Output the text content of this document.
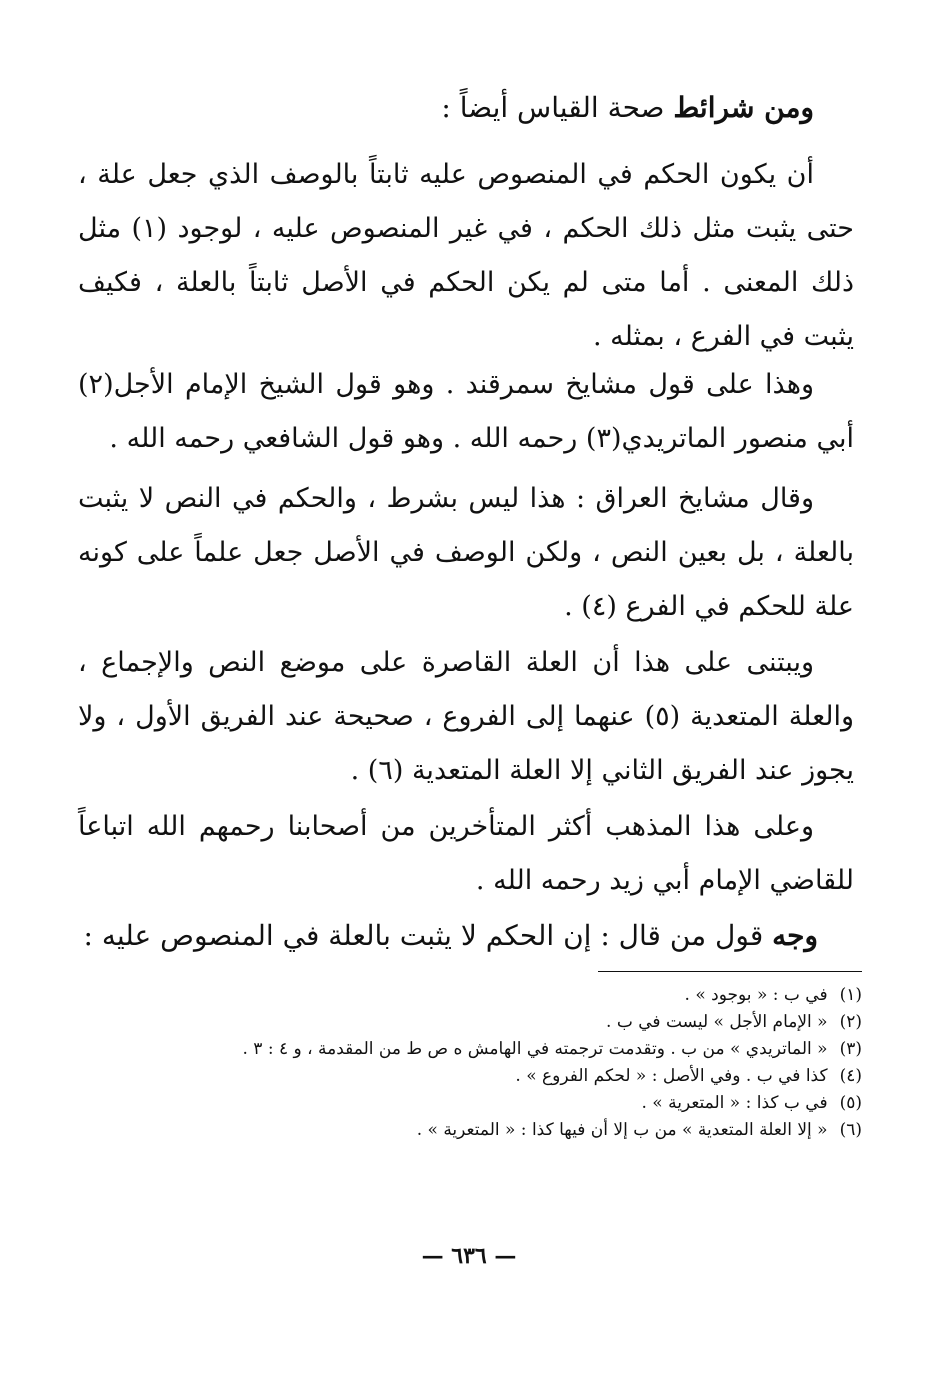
ومن شرائط صحة القياس أيضاً :

أن يكون الحكم في المنصوص عليه ثابتاً بالوصف الذي جعل علة ، حتى يثبت مثل ذلك الحكم ، في غير المنصوص عليه ، لوجود (١) مثل ذلك المعنى . أما متى لم يكن الحكم في الأصل ثابتاً بالعلة ، فكيف يثبت في الفرع ، بمثله .

وهذا على قول مشايخ سمرقند . وهو قول الشيخ الإمام الأجل(٢) أبي منصور الماتريدي(٣) رحمه الله . وهو قول الشافعي رحمه الله .

وقال مشايخ العراق : هذا ليس بشرط ، والحكم في النص لا يثبت بالعلة ، بل بعين النص ، ولكن الوصف في الأصل جعل علماً على كونه علة للحكم في الفرع (٤) .

ويبتنى على هذا أن العلة القاصرة على موضع النص والإجماع ، والعلة المتعدية (٥) عنهما إلى الفروع ، صحيحة عند الفريق الأول ، ولا يجوز عند الفريق الثاني إلا العلة المتعدية (٦) .

وعلى هذا المذهب أكثر المتأخرين من أصحابنا رحمهم الله اتباعاً للقاضي الإمام أبي زيد رحمه الله .

وجه قول من قال : إن الحكم لا يثبت بالعلة في المنصوص عليه :
(١)في ب : « بوجود » .
(٢)« الإمام الأجل » ليست في ب .
(٣)« الماتريدي » من ب . وتقدمت ترجمته في الهامش ه ص ط من المقدمة ، و ٤ : ٣ .
(٤)كذا في ب . وفي الأصل : « لحكم الفروع » .
(٥)في ب كذا : « المتعرية » .
(٦)« إلا العلة المتعدية » من ب إلا أن فيها كذا : « المتعرية » .
— ٦٣٦ —
